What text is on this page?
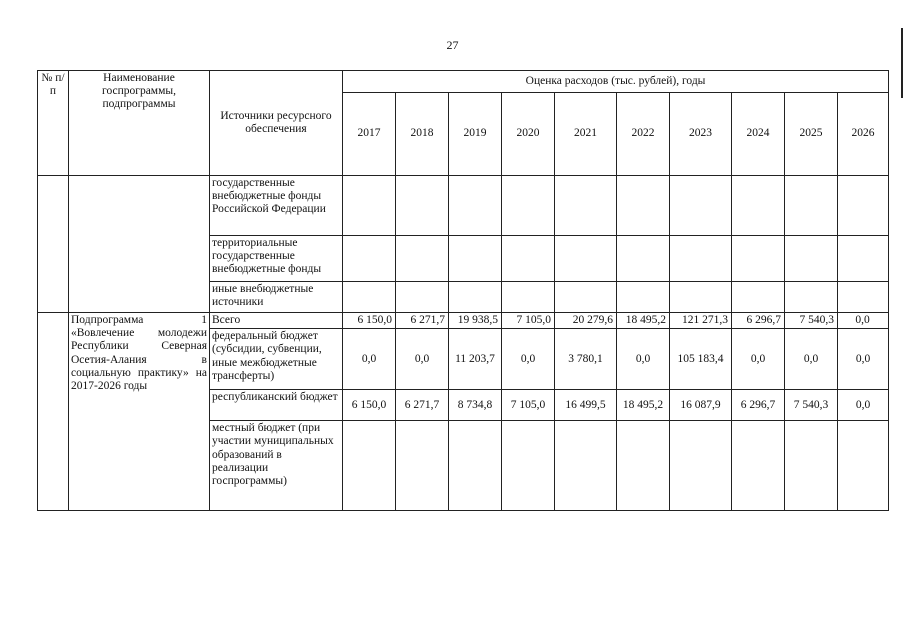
27
№ п/п	Наименование госпрограммы, подпрограммы	Источники ресурсного обеспечения	Оценка расходов (тыс. рублей), годы									
			2017	2018	2019	2020	2021	2022	2023	2024	2025	2026
		государственные внебюджетные фонды Российской Федерации										
		территориальные государственные внебюджетные фонды										
		иные внебюджетные источники										
	Подпрограмма 1 «Вовлечение молодежи Республики Северная Осетия-Алания в социальную практику» на 2017-2026 годы	Всего	6 150,0	6 271,7	19 938,5	7 105,0	20 279,6	18 495,2	121 271,3	6 296,7	7 540,3	0,0
		федеральный бюджет (субсидии, субвенции, иные межбюджетные трансферты)	0,0	0,0	11 203,7	0,0	3 780,1	0,0	105 183,4	0,0	0,0	0,0
		республиканский бюджет	6 150,0	6 271,7	8 734,8	7 105,0	16 499,5	18 495,2	16 087,9	6 296,7	7 540,3	0,0
		местный бюджет (при участии муниципальных образований в реализации госпрограммы)										
